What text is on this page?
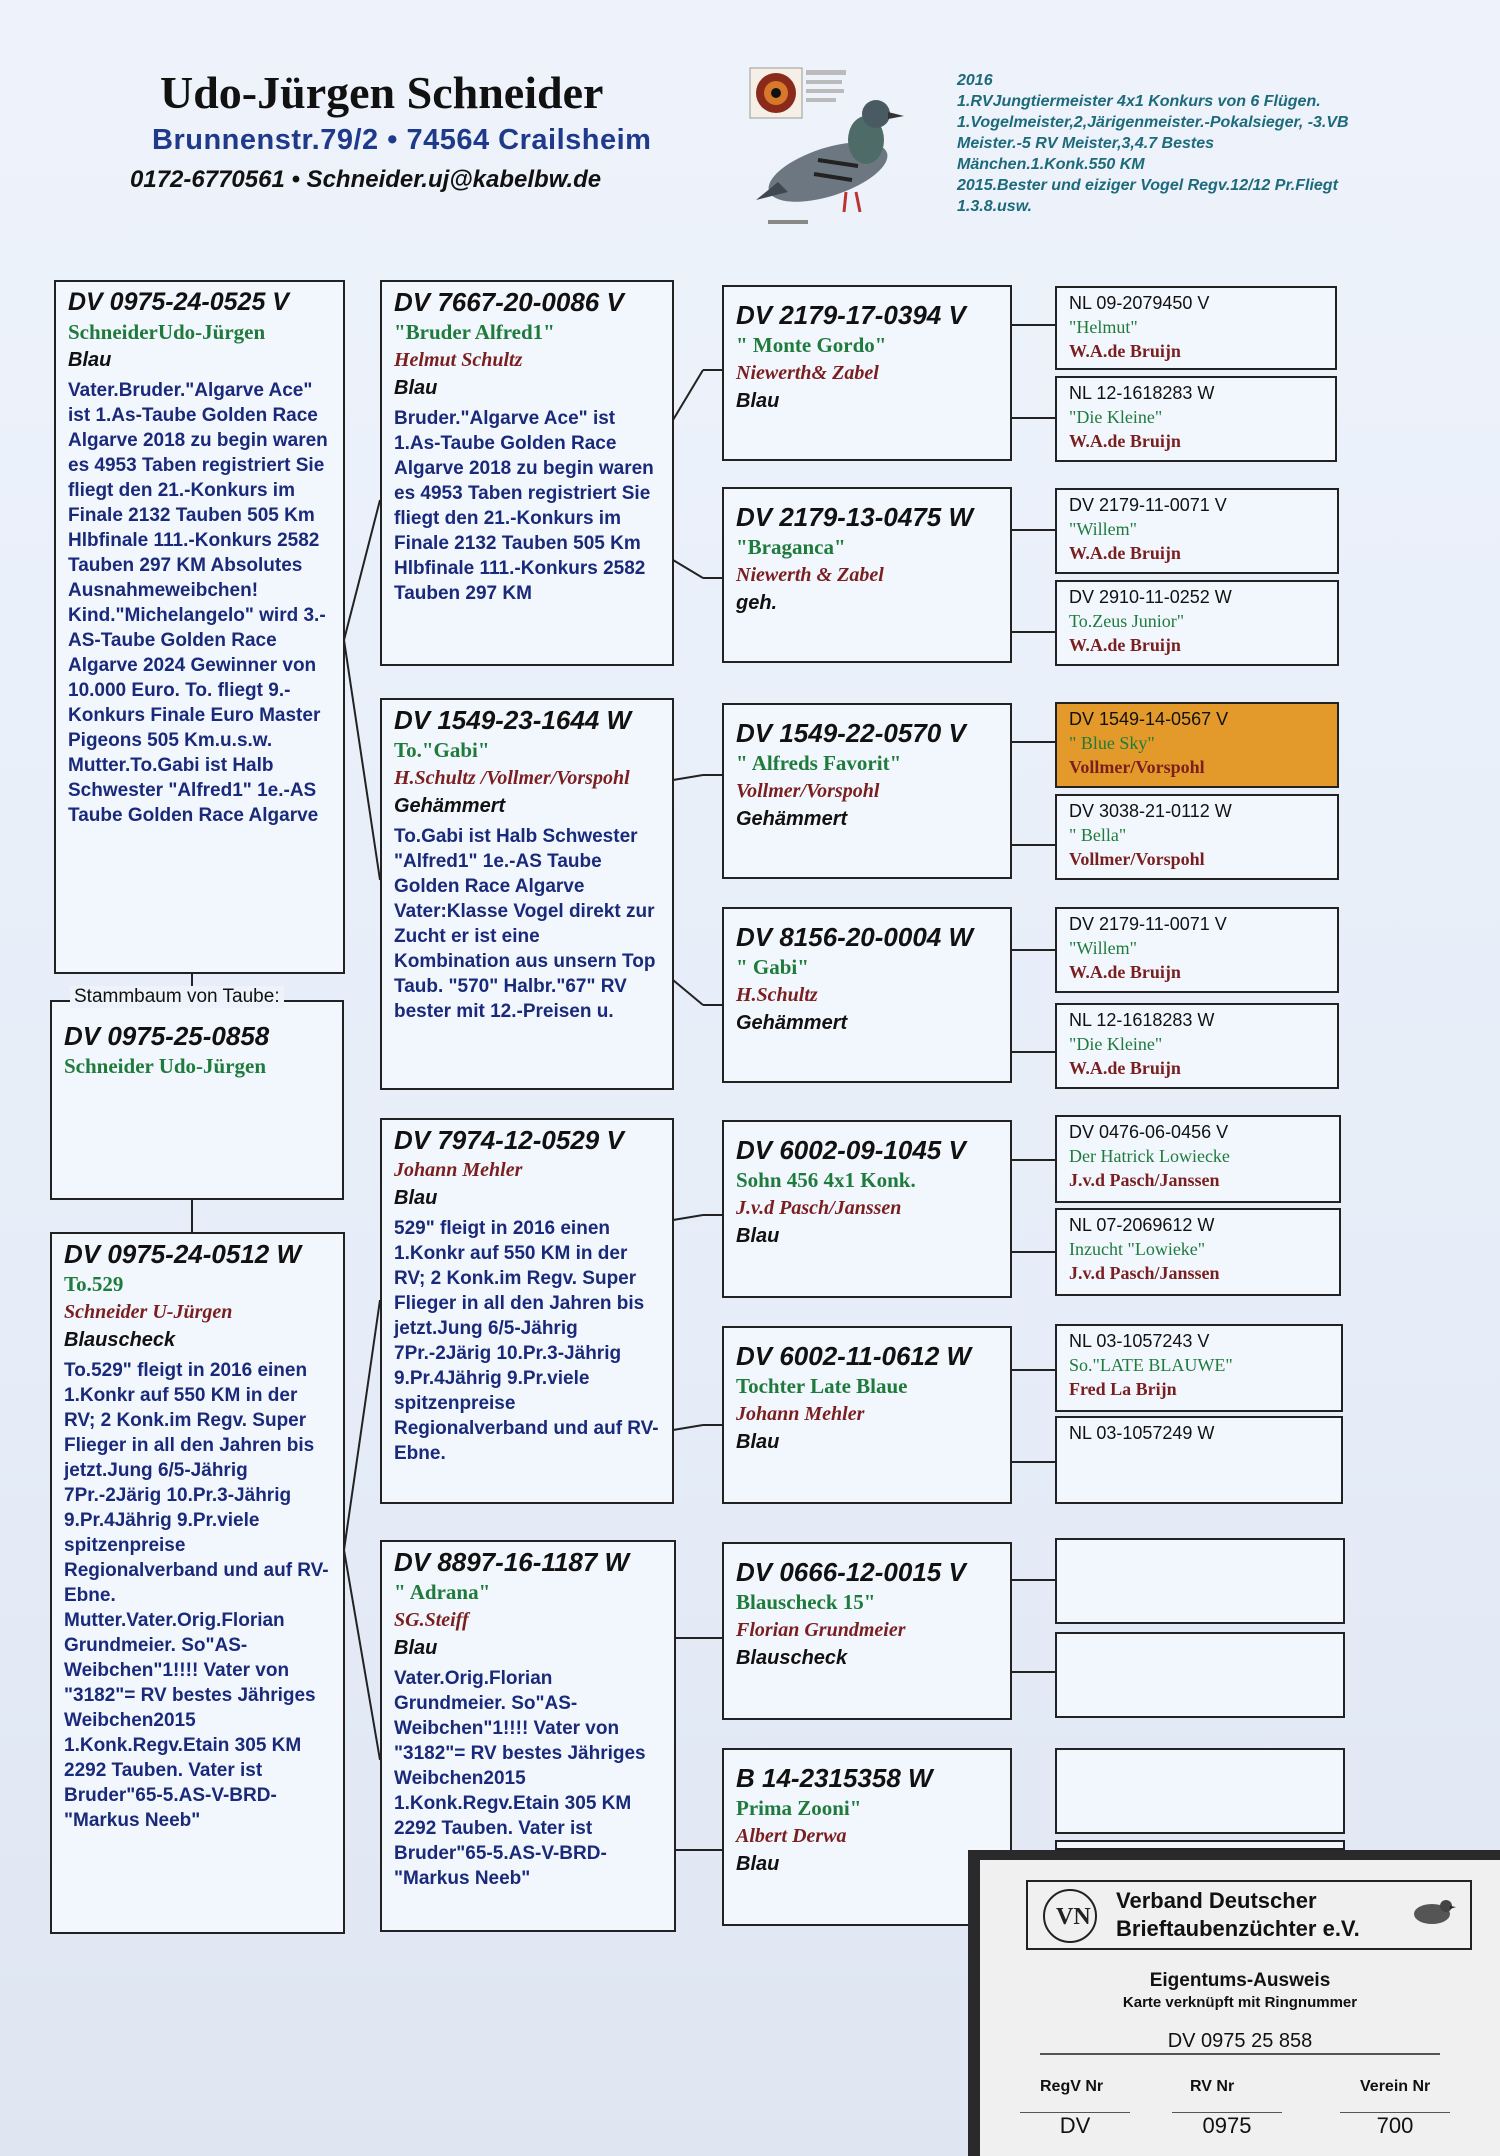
Udo-Jürgen Schneider
Brunnenstr.79/2 • 74564 Crailsheim
0172-6770561 • Schneider.uj@kabelbw.de
2016
1.RVJungtiermeister 4x1 Konkurs von 6 Flügen.
1.Vogelmeister,2,Järigenmeister.-Pokalsieger, -3.VB Meister.-5 RV Meister,3,4.7 Bestes Mänchen.1.Konk.550 KM
2015.Bester und eiziger Vogel Regv.12/12 Pr.Fliegt 1.3.8.usw.
DV 0975-24-0525 V
SchneiderUdo-Jürgen
Blau
Vater.Bruder."Algarve Ace" ist 1.As-Taube Golden Race Algarve 2018 zu begin waren es 4953 Taben registriert Sie fliegt den 21.-Konkurs im Finale 2132 Tauben 505 Km Hlbfinale 111.-Konkurs 2582 Tauben 297 KM Absolutes Ausnahmeweibchen! Kind."Michelangelo" wird 3.-AS-Taube Golden Race Algarve 2024 Gewinner von 10.000 Euro. To. fliegt 9.-Konkurs Finale Euro Master Pigeons 505 Km.u.s.w. Mutter.To.Gabi ist Halb Schwester "Alfred1" 1e.-AS Taube Golden Race Algarve
DV 0975-25-0858
Schneider Udo-Jürgen
Stammbaum von Taube:
DV 0975-24-0512 W
To.529
Schneider U-Jürgen
Blauscheck
To.529" fleigt in 2016 einen 1.Konkr auf 550 KM in der RV; 2 Konk.im Regv. Super Flieger in all den Jahren bis jetzt.Jung 6/5-Jährig 7Pr.-2Järig 10.Pr.3-Jährig 9.Pr.4Jährig 9.Pr.viele spitzenpreise Regionalverband und auf RV-Ebne. Mutter.Vater.Orig.Florian Grundmeier. So"AS-Weibchen"1!!!! Vater von "3182"= RV bestes Jähriges Weibchen2015 1.Konk.Regv.Etain 305 KM 2292 Tauben. Vater ist Bruder"65-5.AS-V-BRD-"Markus Neeb"
DV 7667-20-0086 V
"Bruder Alfred1"
Helmut Schultz
Blau
Bruder."Algarve Ace" ist 1.As-Taube Golden Race Algarve 2018 zu begin waren es 4953 Taben registriert Sie fliegt den 21.-Konkurs im Finale 2132 Tauben 505 Km Hlbfinale 111.-Konkurs 2582 Tauben 297 KM
DV 1549-23-1644 W
To."Gabi"
H.Schultz /Vollmer/Vorspohl
Gehämmert
To.Gabi ist Halb Schwester "Alfred1" 1e.-AS Taube Golden Race Algarve Vater:Klasse Vogel direkt zur Zucht er ist eine Kombination aus unsern Top Taub. "570" Halbr."67" RV bester mit 12.-Preisen u.
DV 7974-12-0529 V
Johann Mehler
Blau
529" fleigt in 2016 einen 1.Konkr auf 550 KM in der RV; 2 Konk.im Regv. Super Flieger in all den Jahren bis jetzt.Jung 6/5-Jährig 7Pr.-2Järig 10.Pr.3-Jährig 9.Pr.4Jährig 9.Pr.viele spitzenpreise Regionalverband und auf RV-Ebne.
DV 8897-16-1187 W
" Adrana"
SG.Steiff
Blau
Vater.Orig.Florian Grundmeier. So"AS-Weibchen"1!!!! Vater von "3182"= RV bestes Jähriges Weibchen2015 1.Konk.Regv.Etain 305 KM 2292 Tauben. Vater ist Bruder"65-5.AS-V-BRD-"Markus Neeb"
DV 2179-17-0394 V
" Monte Gordo"
Niewerth& Zabel
Blau
DV 2179-13-0475 W
"Braganca"
Niewerth & Zabel
geh.
DV 1549-22-0570 V
" Alfreds Favorit"
Vollmer/Vorspohl
Gehämmert
DV 8156-20-0004 W
" Gabi"
H.Schultz
Gehämmert
DV 6002-09-1045 V
Sohn 456 4x1 Konk.
J.v.d Pasch/Janssen
Blau
DV 6002-11-0612 W
Tochter Late Blaue
Johann Mehler
Blau
DV 0666-12-0015 V
Blauscheck 15"
Florian Grundmeier
Blauscheck
B 14-2315358 W
Prima Zooni"
Albert Derwa
Blau
NL 09-2079450 V
"Helmut"
W.A.de Bruijn
NL 12-1618283 W
"Die Kleine"
W.A.de Bruijn
DV 2179-11-0071 V
"Willem"
W.A.de Bruijn
DV 2910-11-0252 W
To.Zeus Junior"
W.A.de Bruijn
DV 1549-14-0567 V
" Blue Sky"
Vollmer/Vorspohl
DV 3038-21-0112 W
" Bella"
Vollmer/Vorspohl
DV 2179-11-0071 V
"Willem"
W.A.de Bruijn
NL 12-1618283 W
"Die Kleine"
W.A.de Bruijn
DV 0476-06-0456 V
Der Hatrick Lowiecke
J.v.d Pasch/Janssen
NL 07-2069612 W
Inzucht "Lowieke"
J.v.d Pasch/Janssen
NL 03-1057243 V
So."LATE BLAUWE"
Fred La Brijn
NL 03-1057249 W
VN
Verband Deutscher
Brieftaubenzüchter e.V.
Eigentums-Ausweis
Karte verknüpft mit Ringnummer
DV 0975 25 858
RegV Nr	RV Nr	Verein Nr
DV	0975	700
